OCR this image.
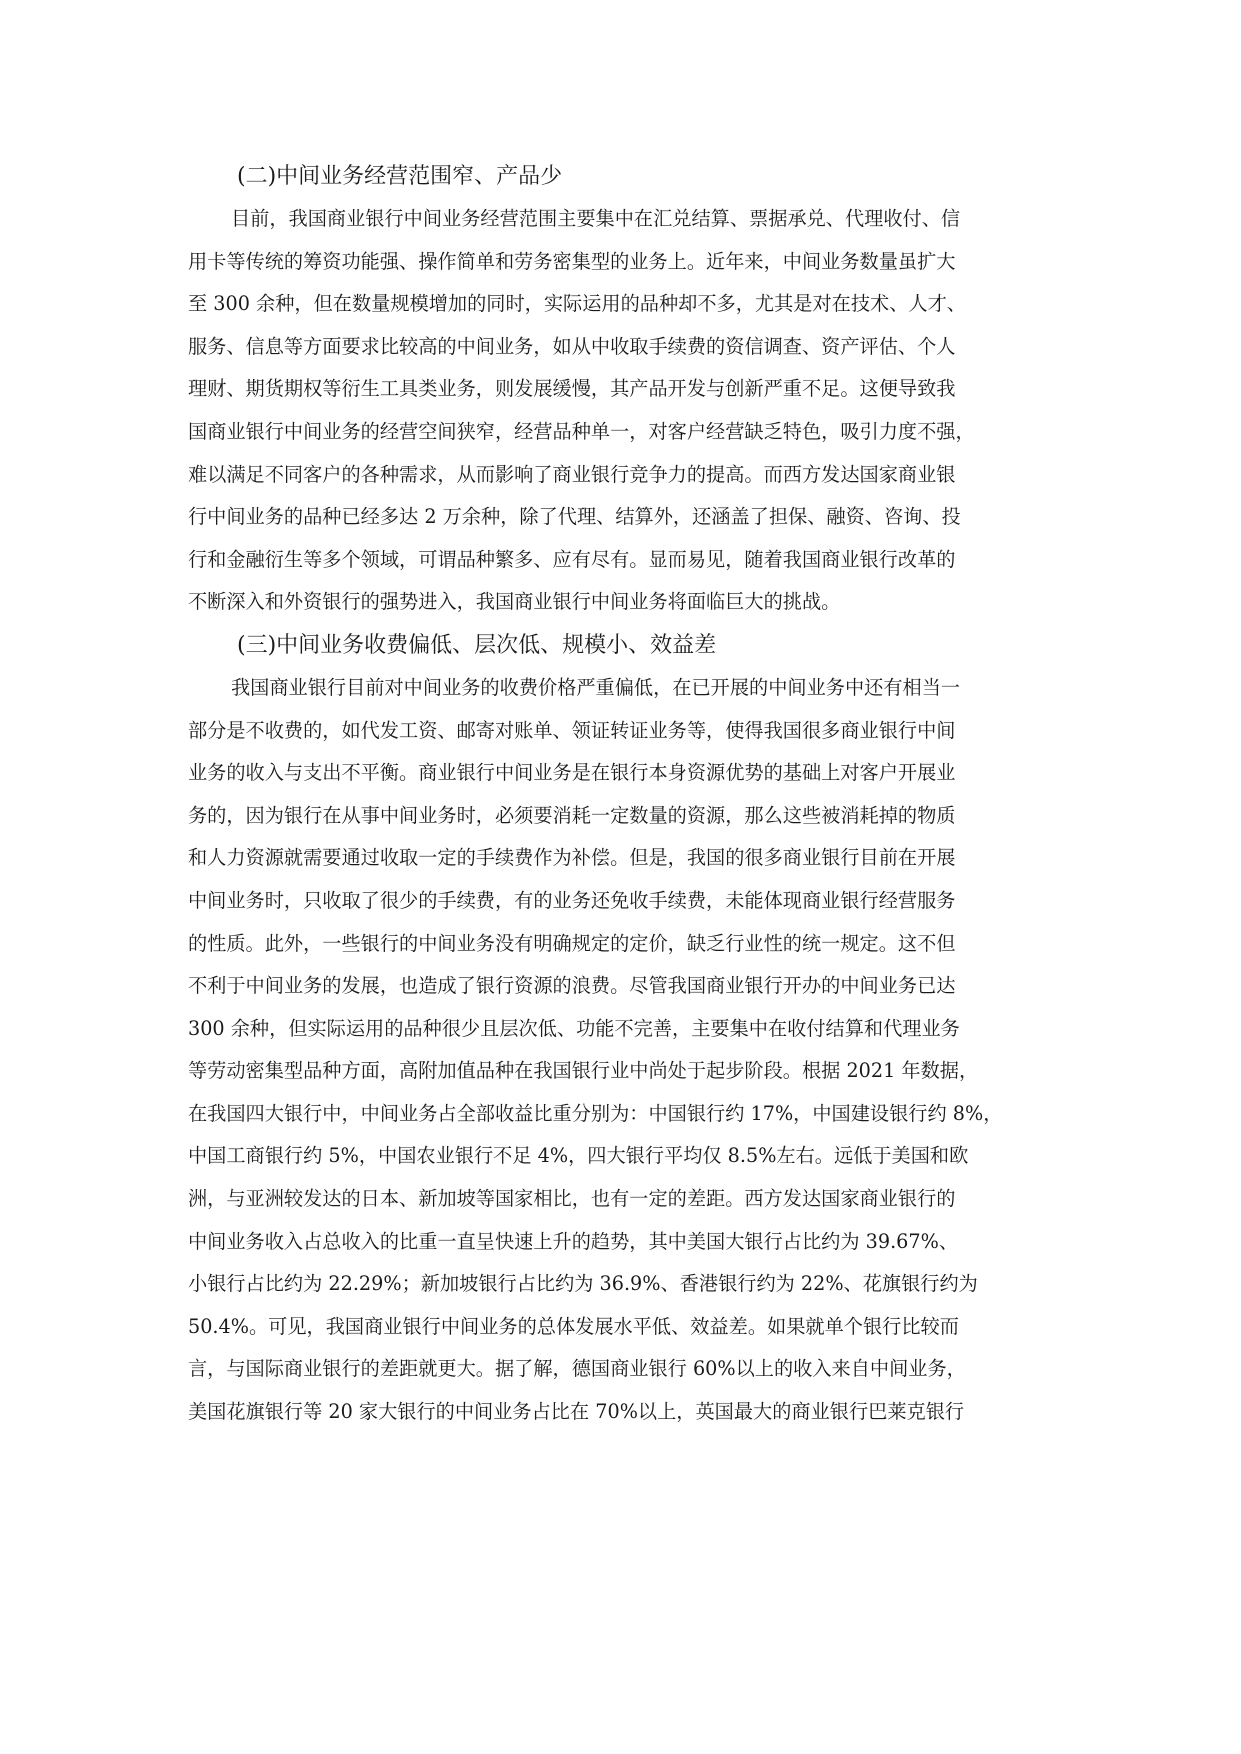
(二)中间业务经营范围窄、产品少
目前，我国商业银行中间业务经营范围主要集中在汇兑结算、票据承兑、代理收付、信
用卡等传统的筹资功能强、操作简单和劳务密集型的业务上。近年来，中间业务数量虽扩大
至 300 余种，但在数量规模增加的同时，实际运用的品种却不多，尤其是对在技术、人才、
服务、信息等方面要求比较高的中间业务，如从中收取手续费的资信调查、资产评估、个人
理财、期货期权等衍生工具类业务，则发展缓慢，其产品开发与创新严重不足。这便导致我
国商业银行中间业务的经营空间狭窄，经营品种单一，对客户经营缺乏特色，吸引力度不强，
难以满足不同客户的各种需求，从而影响了商业银行竞争力的提高。而西方发达国家商业银
行中间业务的品种已经多达 2 万余种，除了代理、结算外，还涵盖了担保、融资、咨询、投
行和金融衍生等多个领域，可谓品种繁多、应有尽有。显而易见，随着我国商业银行改革的
不断深入和外资银行的强势进入，我国商业银行中间业务将面临巨大的挑战。
(三)中间业务收费偏低、层次低、规模小、效益差
我国商业银行目前对中间业务的收费价格严重偏低，在已开展的中间业务中还有相当一
部分是不收费的，如代发工资、邮寄对账单、领证转证业务等，使得我国很多商业银行中间
业务的收入与支出不平衡。商业银行中间业务是在银行本身资源优势的基础上对客户开展业
务的，因为银行在从事中间业务时，必须要消耗一定数量的资源，那么这些被消耗掉的物质
和人力资源就需要通过收取一定的手续费作为补偿。但是，我国的很多商业银行目前在开展
中间业务时，只收取了很少的手续费，有的业务还免收手续费，未能体现商业银行经营服务
的性质。此外，一些银行的中间业务没有明确规定的定价，缺乏行业性的统一规定。这不但
不利于中间业务的发展，也造成了银行资源的浪费。尽管我国商业银行开办的中间业务已达
300 余种，但实际运用的品种很少且层次低、功能不完善，主要集中在收付结算和代理业务
等劳动密集型品种方面，高附加值品种在我国银行业中尚处于起步阶段。根据 2021 年数据，
在我国四大银行中，中间业务占全部收益比重分别为：中国银行约 17%，中国建设银行约 8%，
中国工商银行约 5%，中国农业银行不足 4%，四大银行平均仅 8.5%左右。远低于美国和欧
洲，与亚洲较发达的日本、新加坡等国家相比，也有一定的差距。西方发达国家商业银行的
中间业务收入占总收入的比重一直呈快速上升的趋势，其中美国大银行占比约为 39.67%、
小银行占比约为 22.29%；新加坡银行占比约为 36.9%、香港银行约为 22%、花旗银行约为
50.4%。可见，我国商业银行中间业务的总体发展水平低、效益差。如果就单个银行比较而
言，与国际商业银行的差距就更大。据了解，德国商业银行 60%以上的收入来自中间业务，
美国花旗银行等 20 家大银行的中间业务占比在 70%以上，英国最大的商业银行巴莱克银行
